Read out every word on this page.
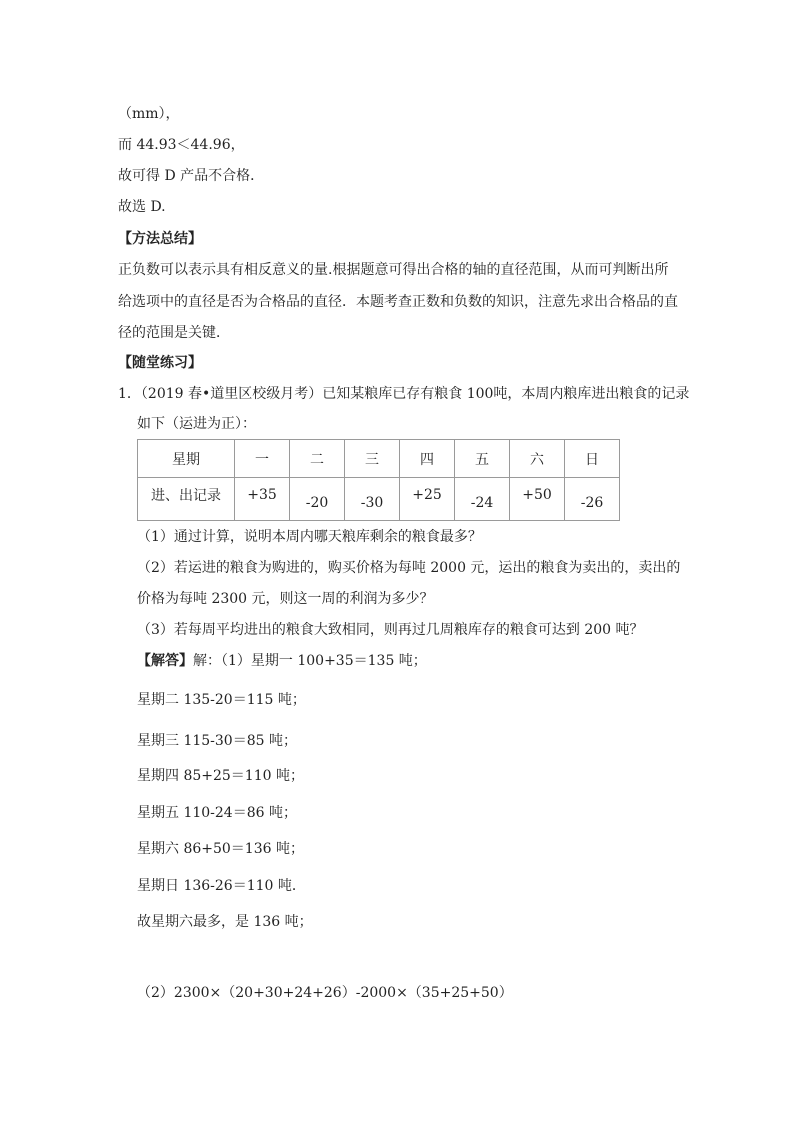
（mm），
而 44.93＜44.96，
故可得 D 产品不合格．
故选 D.
【方法总结】
正负数可以表示具有相反意义的量.根据题意可得出合格的轴的直径范围，从而可判断出所
给选项中的直径是否为合格品的直径．本题考查正数和负数的知识，注意先求出合格品的直
径的范围是关键．
【随堂练习】
1．（2019 春•道里区校级月考）已知某粮库已存有粮食 100吨，本周内粮库进出粮食的记录
如下（运进为正）：
星期	一	二	三	四	五	六	日
进、出记录	+35	-20	-30	+25	-24	+50	-26
（1）通过计算，说明本周内哪天粮库剩余的粮食最多？
（2）若运进的粮食为购进的，购买价格为每吨 2000 元，运出的粮食为卖出的，卖出的
价格为每吨 2300 元，则这一周的利润为多少？
（3）若每周平均进出的粮食大致相同，则再过几周粮库存的粮食可达到 200 吨？
【解答】解：（1）星期一 100+35＝135 吨；
星期二 135-20＝115 吨；
星期三 115-30＝85 吨；
星期四 85+25＝110 吨；
星期五 110-24＝86 吨；
星期六 86+50＝136 吨；
星期日 136-26＝110 吨．
故星期六最多，是 136 吨；
（2）2300×（20+30+24+26）-2000×（35+25+50）
